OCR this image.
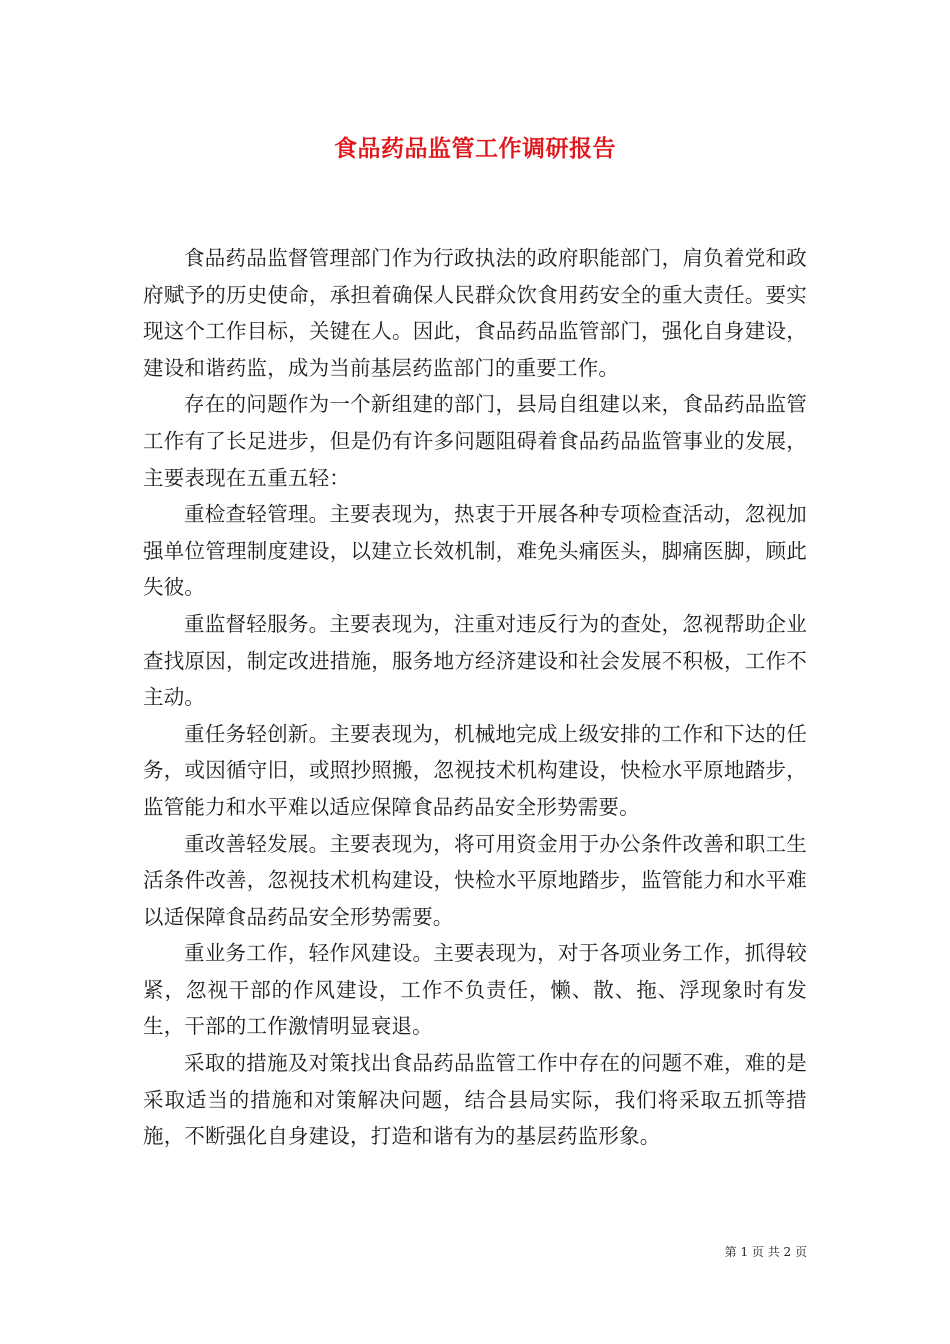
食品药品监管工作调研报告

食品药品监督管理部门作为行政执法的政府职能部门，肩负着党和政府赋予的历史使命，承担着确保人民群众饮食用药安全的重大责任。要实现这个工作目标，关键在人。因此，食品药品监管部门，强化自身建设，建设和谐药监，成为当前基层药监部门的重要工作。

存在的问题作为一个新组建的部门，县局自组建以来，食品药品监管工作有了长足进步，但是仍有许多问题阻碍着食品药品监管事业的发展，主要表现在五重五轻：

重检查轻管理。主要表现为，热衷于开展各种专项检查活动，忽视加强单位管理制度建设，以建立长效机制，难免头痛医头，脚痛医脚，顾此失彼。

重监督轻服务。主要表现为，注重对违反行为的查处，忽视帮助企业查找原因，制定改进措施，服务地方经济建设和社会发展不积极，工作不主动。

重任务轻创新。主要表现为，机械地完成上级安排的工作和下达的任务，或因循守旧，或照抄照搬，忽视技术机构建设，快检水平原地踏步，监管能力和水平难以适应保障食品药品安全形势需要。

重改善轻发展。主要表现为，将可用资金用于办公条件改善和职工生活条件改善，忽视技术机构建设，快检水平原地踏步，监管能力和水平难以适保障食品药品安全形势需要。

重业务工作，轻作风建设。主要表现为，对于各项业务工作，抓得较紧，忽视干部的作风建设，工作不负责任，懒、散、拖、浮现象时有发生，干部的工作激情明显衰退。

采取的措施及对策找出食品药品监管工作中存在的问题不难，难的是采取适当的措施和对策解决问题，结合县局实际，我们将采取五抓等措施，不断强化自身建设，打造和谐有为的基层药监形象。

第 1 页 共 2 页
